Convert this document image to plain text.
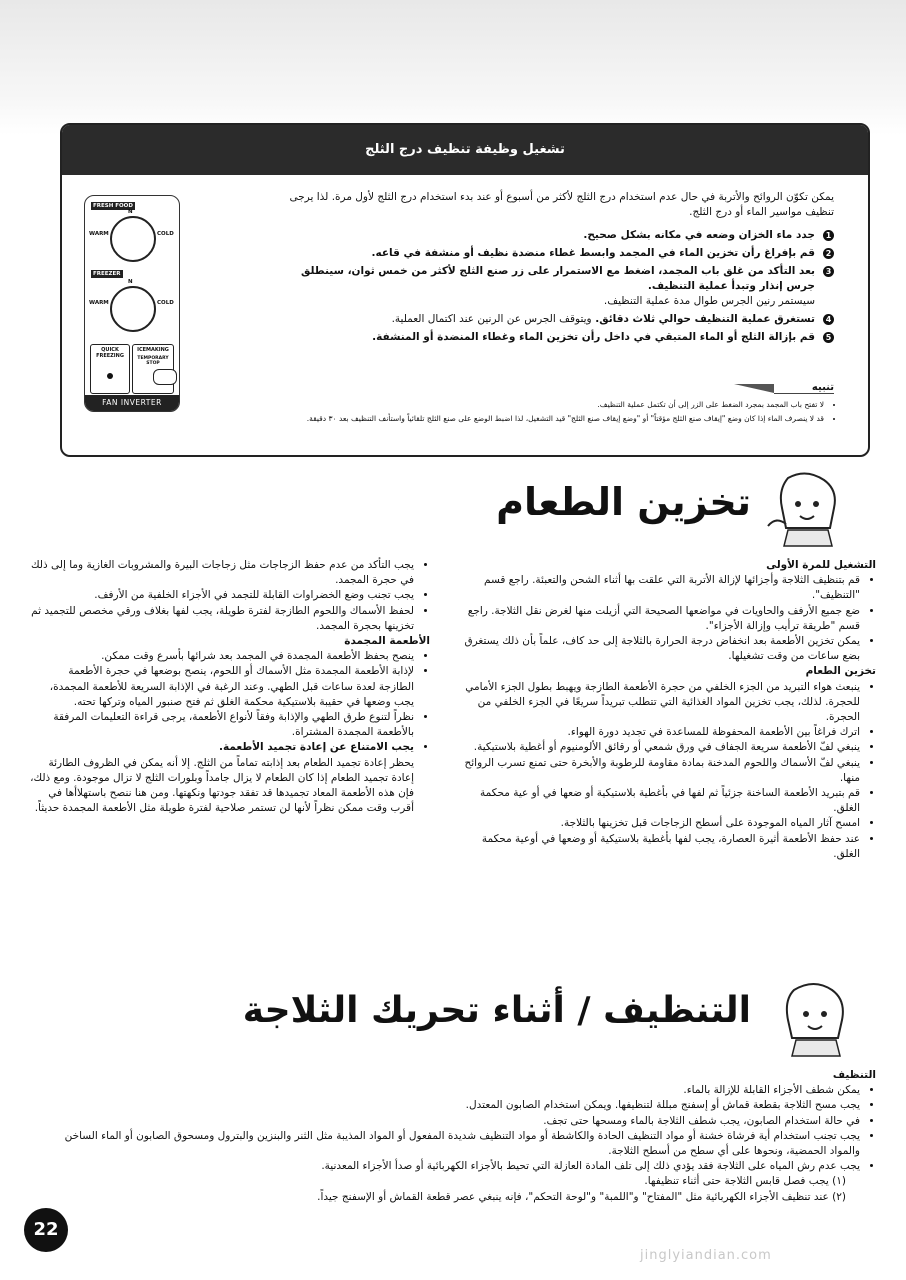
تشغيل وظيفة تنظيف درج الثلج
FRESH FOOD
N
WARM	COLD
FREEZER
N
WARM	COLD
QUICK FREEZING
ICEMAKING
TEMPORARY
STOP
FAN INVERTER
يمكن تكوّن الروائح والأتربة في حال عدم استخدام درج الثلج لأكثر من أسبوع أو عند بدء استخدام درج الثلج لأول مرة. لذا يرجى تنظيف مواسير الماء أو درج الثلج.
1
جدد ماء الخزان وضعه في مكانه بشكل صحيح.
2
قم بإفراغ رأن تخزين الماء في المجمد وابسط غطاء منضدة نظيف أو منشفة في قاعه.
3
بعد التأكد من غلق باب المجمد، اضغط مع الاستمرار على زر صنع الثلج لأكثر من خمس ثوان، سينطلق جرس إنذار وتبدأ عملية التنظيف.
سيستمر رنين الجرس طوال مدة عملية التنظيف.
4
تستغرق عملية التنظيف حوالي ثلاث دقائق. ويتوقف الجرس عن الرنين عند اكتمال العملية.
5
قم بإزالة الثلج أو الماء المتبقي في داخل رأن تخزين الماء وغطاء المنضدة أو المنشفة.
تنبيه
• لا تفتح باب المجمد بمجرد الضغط على الزر إلى أن تكتمل عملية التنظيف.
• قد لا ينصرف الماء إذا كان وضع "إيقاف صنع الثلج مؤقتاً" أو "وضع إيقاف صنع الثلج" قيد التشغيل، لذا اضبط الوضع على صنع الثلج تلقائياً واستأنف التنظيف بعد ٣٠ دقيقة.
تخزين الطعام
التشغيل للمرة الأولى
• قم بتنظيف الثلاجة وأجزائها لإزالة الأتربة التي علقت بها أثناء الشحن والتعبئة. راجع قسم "التنظيف".
• ضع جميع الأرفف والحاويات في مواضعها الصحيحة التي أزيلت منها لغرض نقل الثلاجة. راجع قسم "طريقة ترأيب وإزالة الأجزاء".
• يمكن تخزين الأطعمة بعد انخفاض درجة الحرارة بالثلاجة إلى حد كاف، علماً بأن ذلك يستغرق بضع ساعات من وقت تشغيلها.
تخزين الطعام
• ينبعث هواء التبريد من الجزء الخلفي من حجرة الأطعمة الطازجة ويهبط بطول الجزء الأمامي للحجرة. لذلك، يجب تخزين المواد الغذائية التي تتطلب تبريداً سريعًا في الجزء الخلفي من الحجرة.
• اترك فراغاً بين الأطعمة المحفوظة للمساعدة في تجديد دورة الهواء.
• ينبغي لفّ الأطعمة سريعة الجفاف في ورق شمعي أو رقائق الألومنيوم أو أغطية بلاستيكية.
• ينبغي لفّ الأسماك واللحوم المدخنة بمادة مقاومة للرطوبة والأبخرة حتى تمنع تسرب الروائح منها.
• قم بتبريد الأطعمة الساخنة جزئياً ثم لفها في بأغطية بلاستيكية أو ضعها في أو عية محكمة الغلق.
• امسح آثار المياه الموجودة على أسطح الزجاجات قبل تخزينها بالثلاجة.
• عند حفظ الأطعمة أثيرة العصارة، يجب لفها بأغطية بلاستيكية أو وضعها في أوعية محكمة الغلق.
• يجب التأكد من عدم حفظ الزجاجات مثل زجاجات البيرة والمشروبات الغازية وما إلى ذلك في حجرة المجمد.
• يجب تجنب وضع الخضراوات القابلة للتجمد في الأجزاء الخلفية من الأرفف.
• لحفظ الأسماك واللحوم الطازجة لفترة طويلة، يجب لفها بغلاف ورقي مخصص للتجميد ثم تخزينها بحجرة المجمد.
الأطعمة المجمدة
• ينصح بحفظ الأطعمة المجمدة في المجمد بعد شرائها بأسرع وقت ممكن.
• لإذابة الأطعمة المجمدة مثل الأسماك أو اللحوم، ينصح بوضعها في حجرة الأطعمة الطازجة لعدة ساعات قبل الطهي. وعند الرغبة في الإذابة السريعة للأطعمة المجمدة، يجب وضعها في حقيبة بلاستيكية محكمة الغلق ثم فتح صنبور المياه وتركها تحته.
• نظراً لتنوع طرق الطهي والإذابة وفقاً لأنواع الأطعمة، يرجى قراءة التعليمات المرفقة بالأطعمة المجمدة المشتراة.
• يجب الامتناع عن إعادة تجميد الأطعمة.
يحظر إعادة تجميد الطعام بعد إذابته تماماً من الثلج. إلا أنه يمكن في الظروف الطارئة إعادة تجميد الطعام إذا كان الطعام لا يزال جامداً وبلورات الثلج لا تزال موجودة. ومع ذلك، فإن هذه الأطعمة المعاد تجميدها قد تفقد جودتها ونكهتها. ومن هنا ننصح باستهلاأها في أقرب وقت ممكن نظراً لأنها لن تستمر صلاحية لفترة طويلة مثل الأطعمة المجمدة حديثاً.
التنظيف / أثناء تحريك الثلاجة
التنظيف
• يمكن شطف الأجزاء القابلة للإزالة بالماء.
• يجب مسح الثلاجة بقطعة قماش أو إسفنج مبللة لتنظيفها. ويمكن استخدام الصابون المعتدل.
• في حالة استخدام الصابون، يجب شطف الثلاجة بالماء ومسحها حتى تجف.
• يجب تجنب استخدام أية فرشاة خشنة أو مواد التنظيف الحادة والكاشطة أو مواد التنظيف شديدة المفعول أو المواد المذيبة مثل الثنر والبنزين والبترول ومسحوق الصابون أو الماء الساخن والمواد الحمضية، ونحوها على أي سطح من أسطح الثلاجة.
• يجب عدم رش المياه على الثلاجة فقد يؤدي ذلك إلى تلف المادة العازلة التي تحيط بالأجزاء الكهربائية أو صدأ الأجزاء المعدنية.
(١) يجب فصل قابس الثلاجة حتى أثناء تنظيفها.
(٢) عند تنظيف الأجزاء الكهربائية مثل "المفتاح" و"اللمبة" و"لوحة التحكم"، فإنه ينبغي عصر قطعة القماش أو الإسفنج جيداً.
22
jinglyiandian.com
